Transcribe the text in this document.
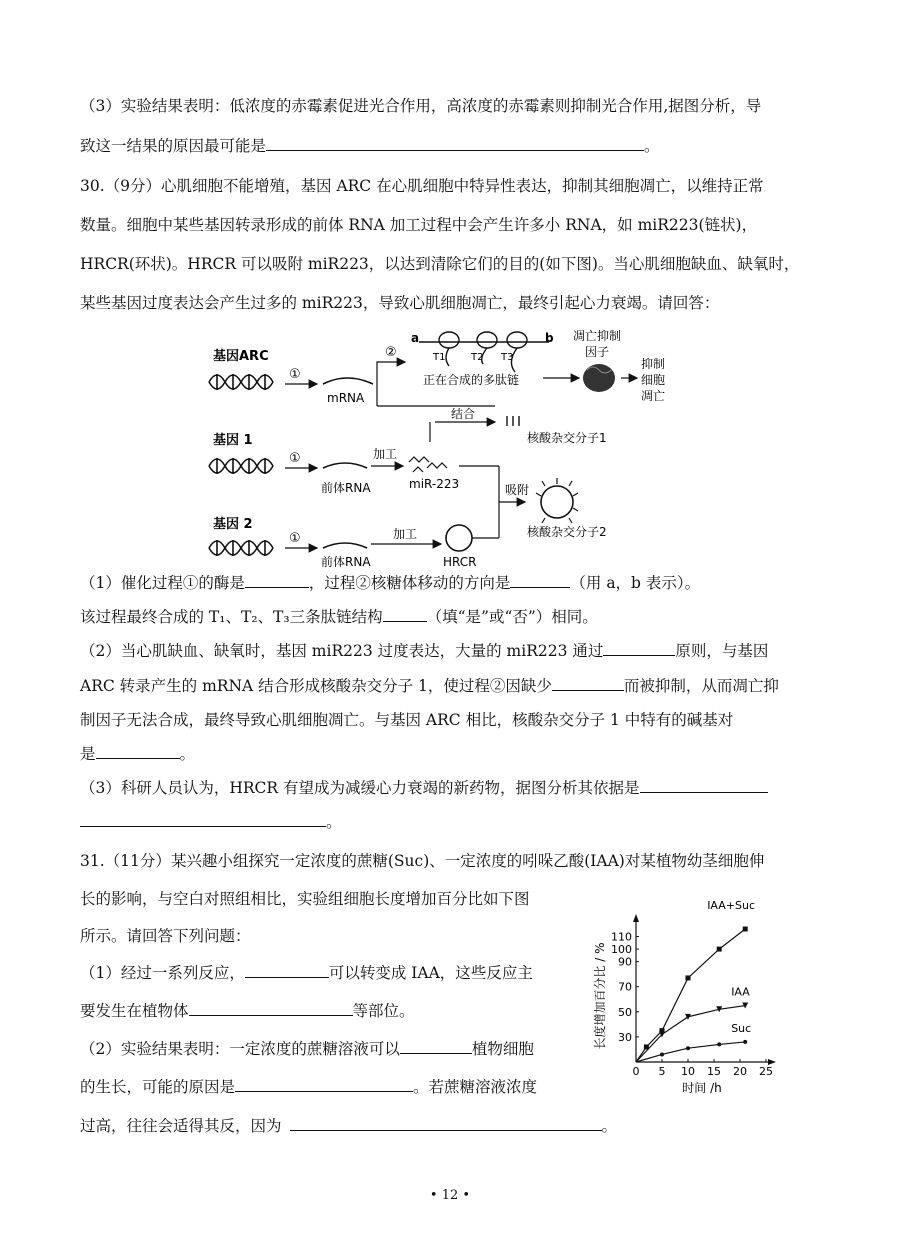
（3）实验结果表明：低浓度的赤霉素促进光合作用，高浓度的赤霉素则抑制光合作用,据图分析，导
致这一结果的原因最可能是	。
30.（9分）心肌细胞不能增殖，基因 ARC 在心肌细胞中特异性表达，抑制其细胞凋亡，以维持正常
数量。细胞中某些基因转录形成的前体 RNA 加工过程中会产生许多小 RNA，如 miR223(链状)，
HRCR(环状)。HRCR 可以吸附 miR223，以达到清除它们的目的(如下图)。当心肌细胞缺血、缺氧时，
某些基因过度表达会产生过多的 miR223，导致心肌细胞凋亡，最终引起心力衰竭。请回答：
基因ARC
基因 1
基因 2
①
mRNA
②
a	b
T1	T2 T3
正在合成的多肽链
凋亡抑制
因子
抑制
细胞
凋亡
结合
核酸杂交分子1
①
前体RNA
加工
miR-223	吸附
核酸杂交分子2
①
前体RNA
加工
HRCR
（1）催化过程①的酶是	，过程②核糖体移动的方向是	（用 a，b 表示）。
该过程最终合成的 T₁、T₂、T₃三条肽链结构	（填“是”或“否”）相同。
（2）当心肌缺血、缺氧时，基因 miR223 过度表达，大量的 miR223 通过	原则，与基因
ARC 转录产生的 mRNA 结合形成核酸杂交分子 1，使过程②因缺少	而被抑制，从而凋亡抑
制因子无法合成，最终导致心肌细胞凋亡。与基因 ARC 相比，核酸杂交分子 1 中特有的碱基对
是	。
（3）科研人员认为，HRCR 有望成为减缓心力衰竭的新药物，据图分析其依据是
。
31.（11分）某兴趣小组探究一定浓度的蔗糖(Suc)、一定浓度的吲哚乙酸(IAA)对某植物幼茎细胞伸
长的影响，与空白对照组相比，实验组细胞长度增加百分比如下图
所示。请回答下列问题：
（1）经过一系列反应，	可以转变成 IAA，这些反应主
要发生在植物体	等部位。
（2）实验结果表明：一定浓度的蔗糖溶液可以	植物细胞
的生长，可能的原因是	。若蔗糖溶液浓度
过高，往往会适得其反，因为	。
0 5 10 15 20 25
30
50
70
90
100
110
IAA+Suc
IAA
Suc
长度增加百分比 / %
时间 /h
• 12 •
